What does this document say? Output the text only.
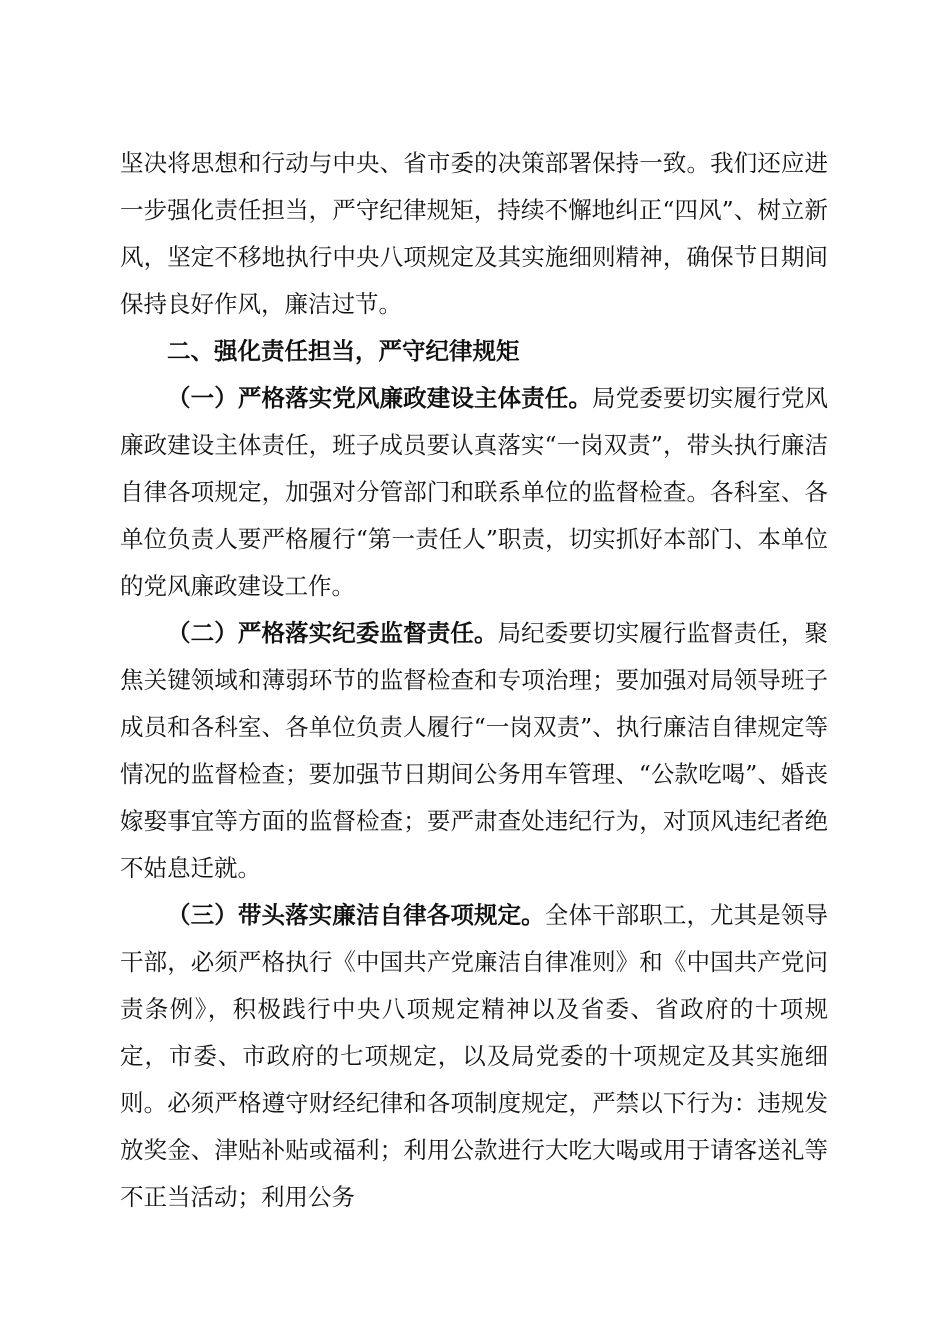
坚决将思想和行动与中央、省市委的决策部署保持一致。我们还应进一步强化责任担当，严守纪律规矩，持续不懈地纠正“四风”、树立新风，坚定不移地执行中央八项规定及其实施细则精神，确保节日期间保持良好作风，廉洁过节。

二、强化责任担当，严守纪律规矩

（一）严格落实党风廉政建设主体责任。局党委要切实履行党风廉政建设主体责任，班子成员要认真落实“一岗双责”，带头执行廉洁自律各项规定，加强对分管部门和联系单位的监督检查。各科室、各单位负责人要严格履行“第一责任人”职责，切实抓好本部门、本单位的党风廉政建设工作。

（二）严格落实纪委监督责任。局纪委要切实履行监督责任，聚焦关键领域和薄弱环节的监督检查和专项治理；要加强对局领导班子成员和各科室、各单位负责人履行“一岗双责”、执行廉洁自律规定等情况的监督检查；要加强节日期间公务用车管理、“公款吃喝”、婚丧嫁娶事宜等方面的监督检查；要严肃查处违纪行为，对顶风违纪者绝不姑息迁就。

（三）带头落实廉洁自律各项规定。全体干部职工，尤其是领导干部，必须严格执行《中国共产党廉洁自律准则》和《中国共产党问责条例》，积极践行中央八项规定精神以及省委、省政府的十项规定，市委、市政府的七项规定，以及局党委的十项规定及其实施细则。必须严格遵守财经纪律和各项制度规定，严禁以下行为：违规发放奖金、津贴补贴或福利；利用公款进行大吃大喝或用于请客送礼等不正当活动；利用公务
